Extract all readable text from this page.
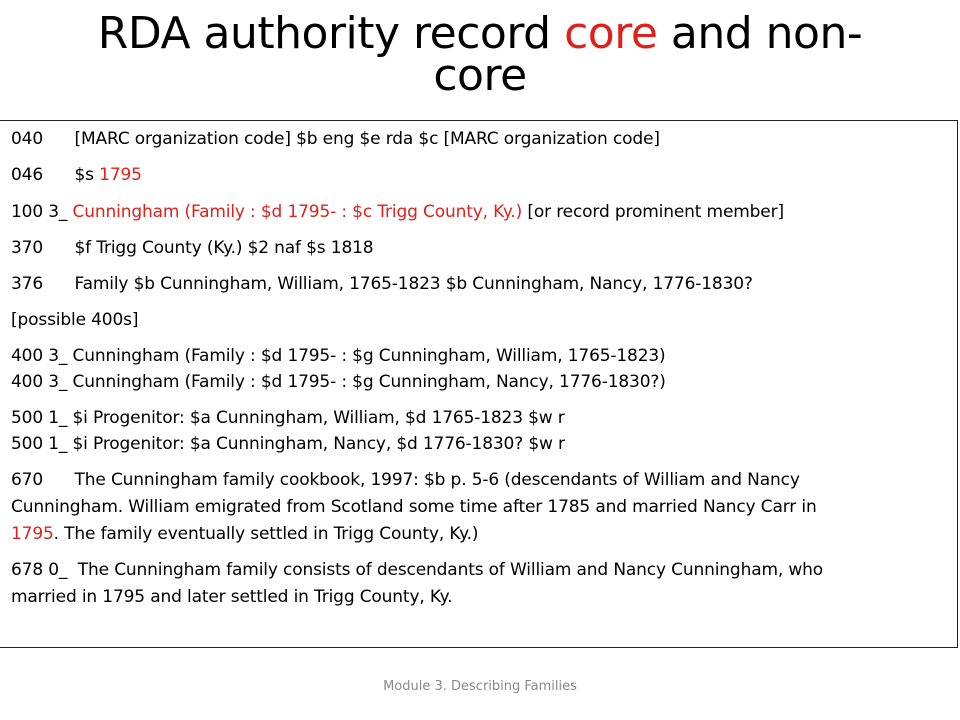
RDA authority record core and non-
core
040      [MARC organization code] $b eng $e rda $c [MARC organization code]
046      $s 1795
100 3_ Cunningham (Family : $d 1795- : $c Trigg County, Ky.) [or record prominent member]
370      $f Trigg County (Ky.) $2 naf $s 1818
376      Family $b Cunningham, William, 1765-1823 $b Cunningham, Nancy, 1776-1830?
[possible 400s]
400 3_ Cunningham (Family : $d 1795- : $g Cunningham, William, 1765-1823)
400 3_ Cunningham (Family : $d 1795- : $g Cunningham, Nancy, 1776-1830?)
500 1_ $i Progenitor: $a Cunningham, William, $d 1765-1823 $w r
500 1_ $i Progenitor: $a Cunningham, Nancy, $d 1776-1830? $w r
670      The Cunningham family cookbook, 1997: $b p. 5-6 (descendants of William and Nancy
Cunningham. William emigrated from Scotland some time after 1785 and married Nancy Carr in
1795. The family eventually settled in Trigg County, Ky.)
678 0_  The Cunningham family consists of descendants of William and Nancy Cunningham, who
married in 1795 and later settled in Trigg County, Ky.
Module 3. Describing Families
